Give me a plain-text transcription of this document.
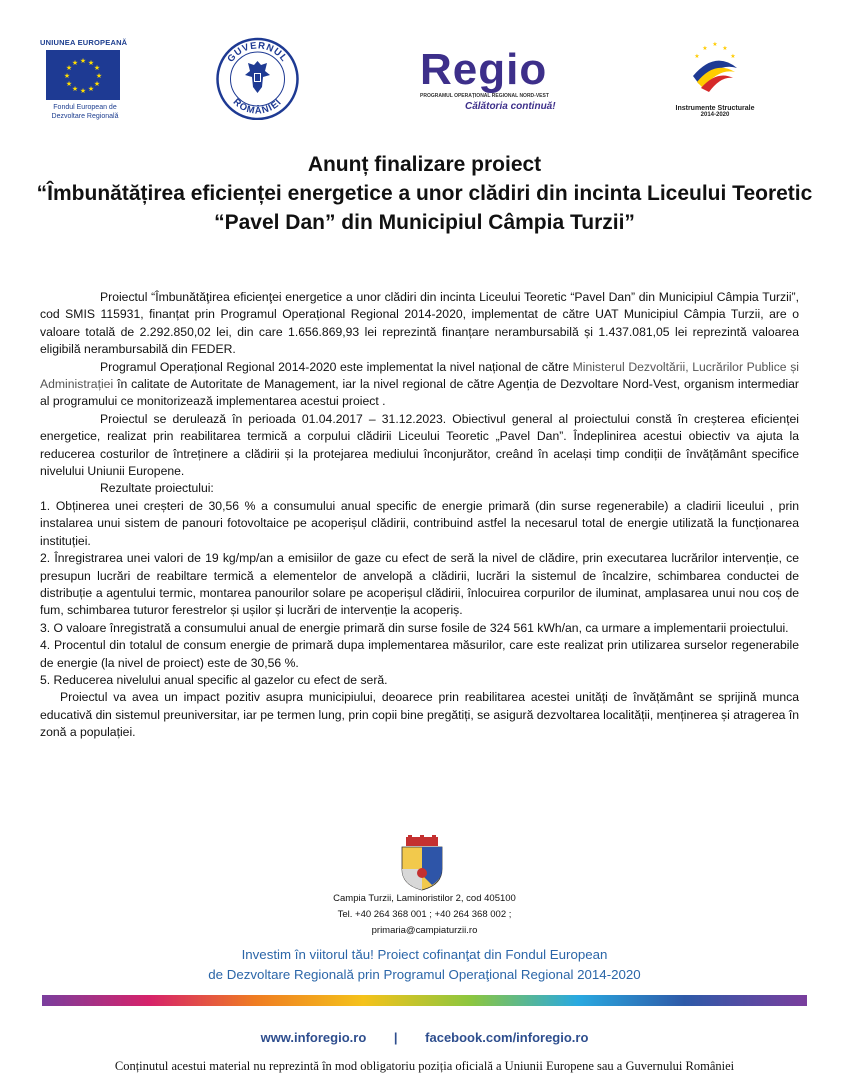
UNIUNEA EUROPEANĂ
★ ★
★
★
★
★
★
★
★
★
★
★
Fondul European de
Dezvoltare Regională
GUVERNUL
ROMÂNIEI
Regio
PROGRAMUL OPERAȚIONAL REGIONAL NORD-VEST
Călătoria continuă!
★
★
★
★	★
Instrumente Structurale
2014-2020
Anunț finalizare proiect
“Îmbunătățirea eficienței energetice a unor clădiri din incinta Liceului Teoretic “Pavel Dan” din Municipiul Câmpia Turzii”

Proiectul “Îmbunătăţirea eficienţei energetice a unor clădiri din incinta Liceului Teoretic “Pavel Dan” din Municipiul Câmpia Turzii”, cod SMIS 115931, finanțat prin Programul Operațional Regional 2014-2020, implementat de către UAT Municipiul Câmpia Turzii, are o valoare totală de 2.292.850,02 lei, din care 1.656.869,93 lei reprezintă finanțare nerambursabilă și 1.437.081,05 lei reprezintă valoarea eligibilă nerambursabilă din FEDER.

Programul Operațional Regional 2014-2020 este implementat la nivel național de către Ministerul Dezvoltării, Lucrărilor Publice și Administrației în calitate de Autoritate de Management, iar la nivel regional de către Agenția de Dezvoltare Nord-Vest, organism intermediar al programului ce monitorizează implementarea acestui proiect .

Proiectul se derulează în perioada 01.04.2017 – 31.12.2023. Obiectivul general al proiectului constă în creșterea eficienței energetice, realizat prin reabilitarea termică a corpului clădirii Liceului Teoretic „Pavel Dan”. Îndeplinirea acestui obiectiv va ajuta la reducerea costurilor de întreținere a clădirii și la protejarea mediului înconjurător, creând în același timp condiții de învățământ specifice nivelului Uniunii Europene.

Rezultate proiectului:

1. Obținerea unei creșteri de 30,56 % a consumului anual specific de energie primară (din surse regenerabile) a cladirii liceului , prin instalarea unui sistem de panouri fotovoltaice pe acoperișul clădirii, contribuind astfel la necesarul total de energie utilizată la funcționarea instituției.

2. Înregistrarea unei valori de 19 kg/mp/an a emisiilor de gaze cu efect de seră la nivel de clădire, prin executarea lucrărilor intervenție, ce presupun lucrări de reabiltare termică a elementelor de anvelopă a clădirii, lucrări la sistemul de încalzire, schimbarea conductei de distribuție a agentului termic, montarea panourilor solare pe acoperișul clădirii, înlocuirea corpurilor de iluminat, amplasarea unui nou coș de fum, schimbarea tuturor ferestrelor și ușilor și lucrări de intervenție la acoperiș.

3. O valoare înregistrată a consumului anual de energie primară din surse fosile de 324 561 kWh/an, ca urmare a implementarii proiectului.

4. Procentul din totalul de consum energie de primară dupa implementarea măsurilor, care este realizat prin utilizarea surselor regenerabile de energie (la nivel de proiect) este de 30,56 %.

5. Reducerea nivelului anual specific al gazelor cu efect de seră.

Proiectul va avea un impact pozitiv asupra municipiului, deoarece prin reabilitarea acestei unități de învățământ se sprijină munca educativă din sistemul preuniversitar, iar pe termen lung, prin copii bine pregătiți, se asigură dezvoltarea localității, menținerea și atragerea în zonă a populației.

Campia Turzii, Laminoristilor 2, cod 405100
Tel. +40 264 368 001 ; +40 264 368 002 ;
primaria@campiaturzii.ro
Investim în viitorul tău! Proiect cofinanţat din Fondul European
de Dezvoltare Regională prin Programul Operaţional Regional 2014-2020
www.inforegio.ro | facebook.com/inforegio.ro
Conținutul acestui material nu reprezintă în mod obligatoriu poziția oficială a Uniunii Europene sau a Guvernului României
